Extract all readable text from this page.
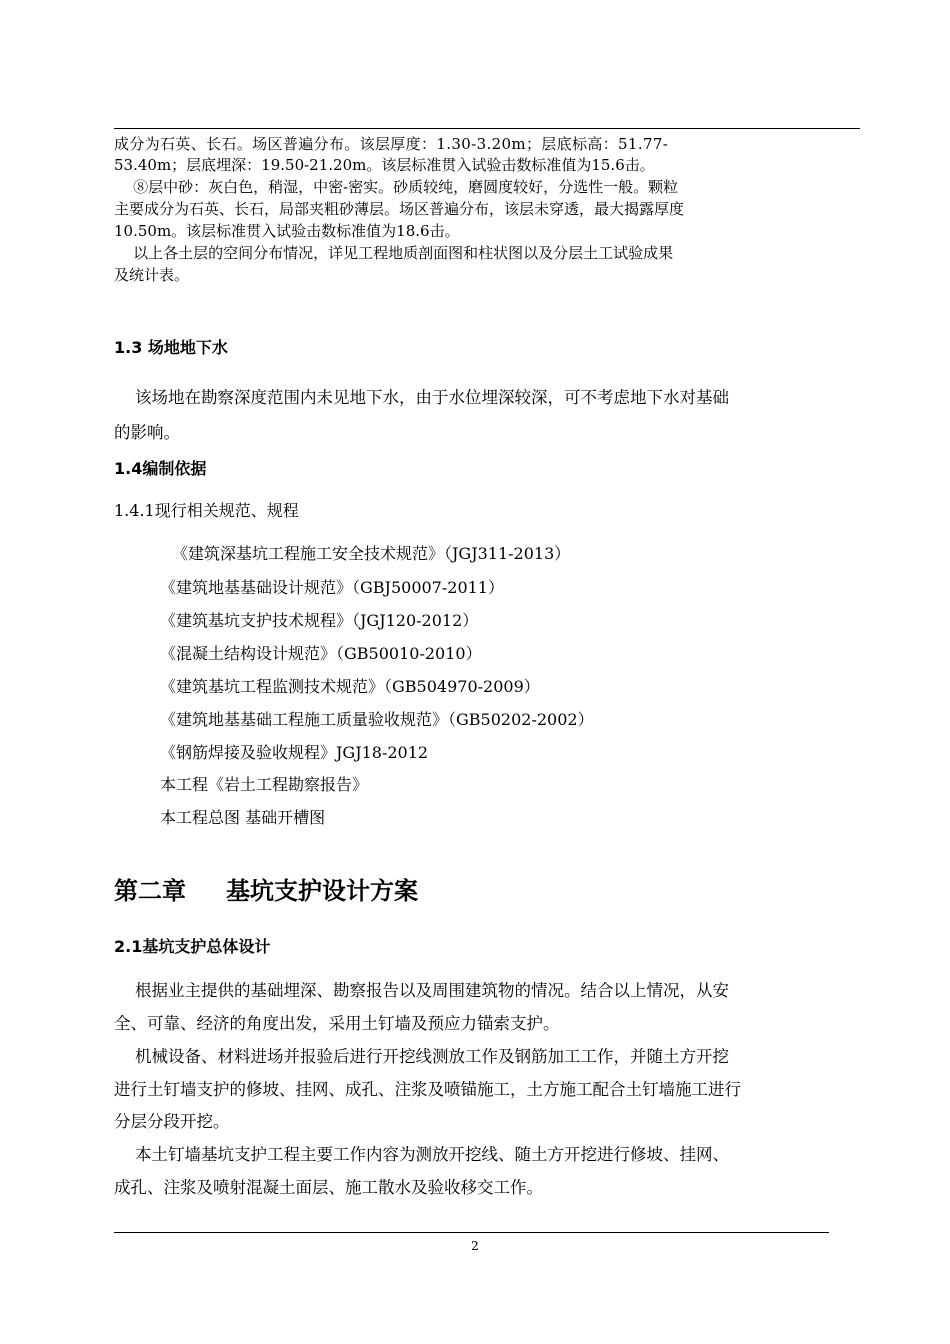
成分为石英、长石。场区普遍分布。该层厚度：1.30-3.20m；层底标高：51.77-
53.40m；层底埋深：19.50-21.20m。该层标准贯入试验击数标准值为15.6击。
⑧层中砂：灰白色，稍湿，中密-密实。砂质较纯，磨圆度较好，分选性一般。颗粒
主要成分为石英、长石，局部夹粗砂薄层。场区普遍分布，该层未穿透，最大揭露厚度
10.50m。该层标准贯入试验击数标准值为18.6击。
以上各土层的空间分布情况，详见工程地质剖面图和柱状图以及分层土工试验成果
及统计表。
1.3 场地地下水
该场地在勘察深度范围内未见地下水，由于水位埋深较深，可不考虑地下水对基础
的影响。
1.4编制依据
1.4.1现行相关规范、规程
《建筑深基坑工程施工安全技术规范》（JGJ311-2013）
《建筑地基基础设计规范》（GBJ50007-2011）
《建筑基坑支护技术规程》（JGJ120-2012）
《混凝土结构设计规范》（GB50010-2010）
《建筑基坑工程监测技术规范》（GB504970-2009）
《建筑地基基础工程施工质量验收规范》（GB50202-2002）
《钢筋焊接及验收规程》JGJ18-2012
本工程《岩土工程勘察报告》
本工程总图 基础开槽图
第二章 基坑支护设计方案
2.1基坑支护总体设计
根据业主提供的基础埋深、勘察报告以及周围建筑物的情况。结合以上情况，从安
全、可靠、经济的角度出发，采用土钉墙及预应力锚索支护。
机械设备、材料进场并报验后进行开挖线测放工作及钢筋加工工作，并随土方开挖
进行土钉墙支护的修坡、挂网、成孔、注浆及喷锚施工，土方施工配合土钉墙施工进行
分层分段开挖。
本土钉墙基坑支护工程主要工作内容为测放开挖线、随土方开挖进行修坡、挂网、
成孔、注浆及喷射混凝土面层、施工散水及验收移交工作。
2
